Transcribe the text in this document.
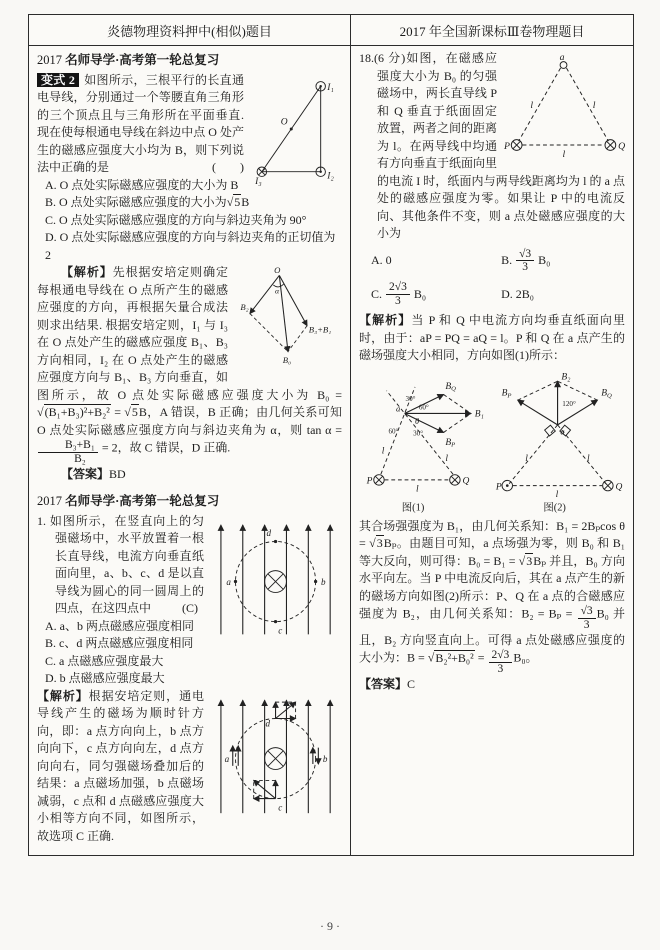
炎德物理资料押中(相似)题目	2017 年全国新课标Ⅲ卷物理题目
2017 名师导学·高考第一轮总复习
O
I₁
I₂
I₃
变式 2 如图所示，三根平行的长直通电导线，分别通过一个等腰直角三角形的三个顶点且与三角形所在平面垂直. 现在使每根通电导线在斜边中点 O 处产生的磁感应强度大小均为 B，则下列说法中正确的是	(　　)
A. O 点处实际磁感应强度的大小为 B
B. O 点处实际磁感应强度的大小为√5B
C. O 点处实际磁感应强度的方向与斜边夹角为 90°
D. O 点处实际磁感应强度的方向与斜边夹角的正切值为 2
O
α
B₂
B₃+B₁
B₀
【解析】先根据安培定则确定每根通电导线在 O 点所产生的磁感应强度的方向，再根据矢量合成法则求出结果. 根据安培定则，I₁ 与 I₃ 在 O 点处产生的磁感应强度 B₁、B₃ 方向相同，I₂ 在 O 点处产生的磁感应强度方向与 B₁、B₃ 方向垂直，如图所示，故 O 点处实际磁感应强度大小为 B₀ = √(B₁+B₃)²+B₂² = √5B，A 错误，B 正确；由几何关系可知 O 点处实际磁感应强度方向与斜边夹角为 α，则 tan α =
$\frac{\text{B₃+B₁}}{\text{B₂}} = 2$，故 C 错误，D 正确.
【答案】BD
2017 名师导学·高考第一轮总复习
d
a	b
c
1. 如图所示，在竖直向上的匀强磁场中，水平放置着一根长直导线，电流方向垂直纸面向里，a、b、c、d 是以直导线为圆心的同一圆周上的四点，在这四点中	(C)
A. a、b 两点磁感应强度相同
B. c、d 两点磁感应强度相同
C. a 点磁感应强度最大
D. b 点磁感应强度最大
a	b
d
c
【解析】根据安培定则，通电导线产生的磁场为顺时针方向，即：a 点方向向上，b 点方向向下，c 点方向向左，d 点方向向右，同匀强磁场叠加后的结果：a 点磁场加强，b 点磁场减弱，c 点和 d 点磁感应强度大小相等方向不同，如图所示，故选项 C 正确.
a
P	Q
l	l
l
18.(6 分)如图，在磁感应强度大小为 B₀ 的匀强磁场中，两长直导线 P 和 Q 垂直于纸面固定放置，两者之间的距离为 l。在两导线中均通有方向垂直于纸面向里的电流 I 时，纸面内与两导线距离均为 l 的 a 点处的磁感应强度为零。如果让 P 中的电流反向、其他条件不变，则 a 点处磁感应强度的大小为
A. 0	B. $\frac{√3}{3} B_0$
C. $\frac{2√3}{3} B_0$	D. 2B₀
【解析】当 P 和 Q 中电流方向均垂直纸面向里时，由于：aP = PQ = aQ = l。P 和 Q 在 a 点产生的磁场强度大小相同，方向如图(1)所示：
a
BQ
B₁
BP
θ
30°
60°
60° 30°
P	Q
l
l
l
图(1)
B₂
BP	BQ
120°
a
P	Q
l	l
l
图(2)
其合场强强度为 B₁，由几何关系知：B₁ = 2Bₚcos θ = √3Bₚ。由题目可知，a 点场强为零，则 B₀ 和 B₁ 等大反向，则可得：B₀ = B₁ = √3Bₚ 并且，B₀ 方向水平向左。当 P 中电流反向后，其在 a 点产生的新的磁场方向如图(2)所示：P、Q 在 a 点的合磁感应强度为 B₂，由几何关系知：$B_2 = B_p = \frac{√3}{3} B_0$ 并且，B₂ 方向竖直向上。可得 a 点处磁感应强度的大小为：$B = √B_2^2+B_0^2 = \frac{2√3}{3} B_0$。
【答案】C
· 9 ·
